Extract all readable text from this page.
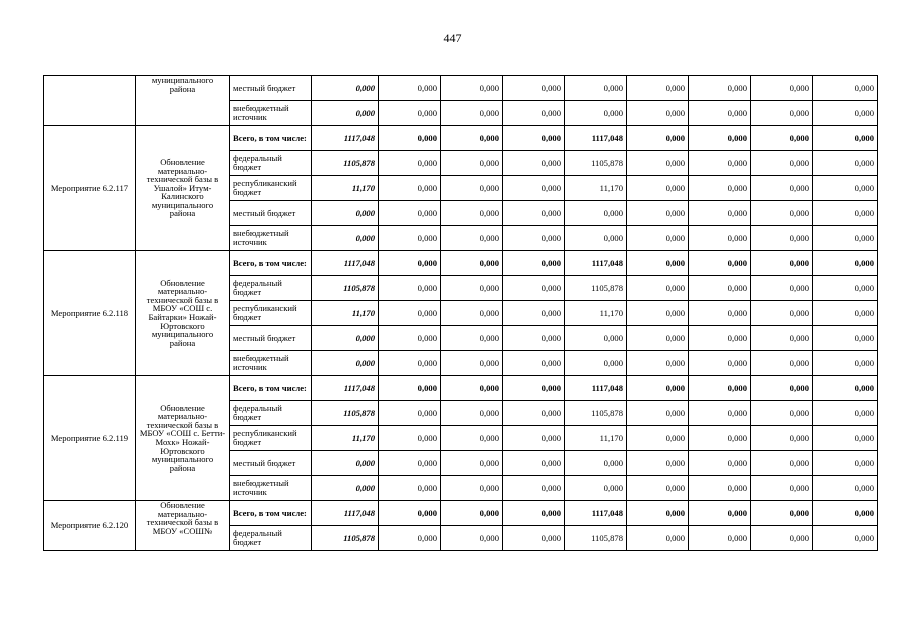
447
	муниципального района	местный бюджет	0,000	0,000	0,000	0,000	0,000	0,000	0,000	0,000	0,000
		внебюджетный источник	0,000	0,000	0,000	0,000	0,000	0,000	0,000	0,000	0,000
Мероприятие 6.2.117	Обновление материально-технической базы в Ушалой» Итум-Калинского муниципального района	Всего, в том числе:	1117,048	0,000	0,000	0,000	1117,048	0,000	0,000	0,000	0,000
		федеральный бюджет	1105,878	0,000	0,000	0,000	1105,878	0,000	0,000	0,000	0,000
		республиканский бюджет	11,170	0,000	0,000	0,000	11,170	0,000	0,000	0,000	0,000
		местный бюджет	0,000	0,000	0,000	0,000	0,000	0,000	0,000	0,000	0,000
		внебюджетный источник	0,000	0,000	0,000	0,000	0,000	0,000	0,000	0,000	0,000
Мероприятие 6.2.118	Обновление материально-технической базы в МБОУ «СОШ с. Байтарки» Ножай-Юртовского муниципального района	Всего, в том числе:	1117,048	0,000	0,000	0,000	1117,048	0,000	0,000	0,000	0,000
		федеральный бюджет	1105,878	0,000	0,000	0,000	1105,878	0,000	0,000	0,000	0,000
		республиканский бюджет	11,170	0,000	0,000	0,000	11,170	0,000	0,000	0,000	0,000
		местный бюджет	0,000	0,000	0,000	0,000	0,000	0,000	0,000	0,000	0,000
		внебюджетный источник	0,000	0,000	0,000	0,000	0,000	0,000	0,000	0,000	0,000
Мероприятие 6.2.119	Обновление материально-технической базы в МБОУ «СОШ с. Бетти-Мохк» Ножай-Юртовского муниципального района	Всего, в том числе:	1117,048	0,000	0,000	0,000	1117,048	0,000	0,000	0,000	0,000
		федеральный бюджет	1105,878	0,000	0,000	0,000	1105,878	0,000	0,000	0,000	0,000
		республиканский бюджет	11,170	0,000	0,000	0,000	11,170	0,000	0,000	0,000	0,000
		местный бюджет	0,000	0,000	0,000	0,000	0,000	0,000	0,000	0,000	0,000
		внебюджетный источник	0,000	0,000	0,000	0,000	0,000	0,000	0,000	0,000	0,000
Мероприятие 6.2.120	Обновление материально-технической базы в МБОУ «СОШ№	Всего, в том числе:	1117,048	0,000	0,000	0,000	1117,048	0,000	0,000	0,000	0,000
		федеральный бюджет	1105,878	0,000	0,000	0,000	1105,878	0,000	0,000	0,000	0,000
